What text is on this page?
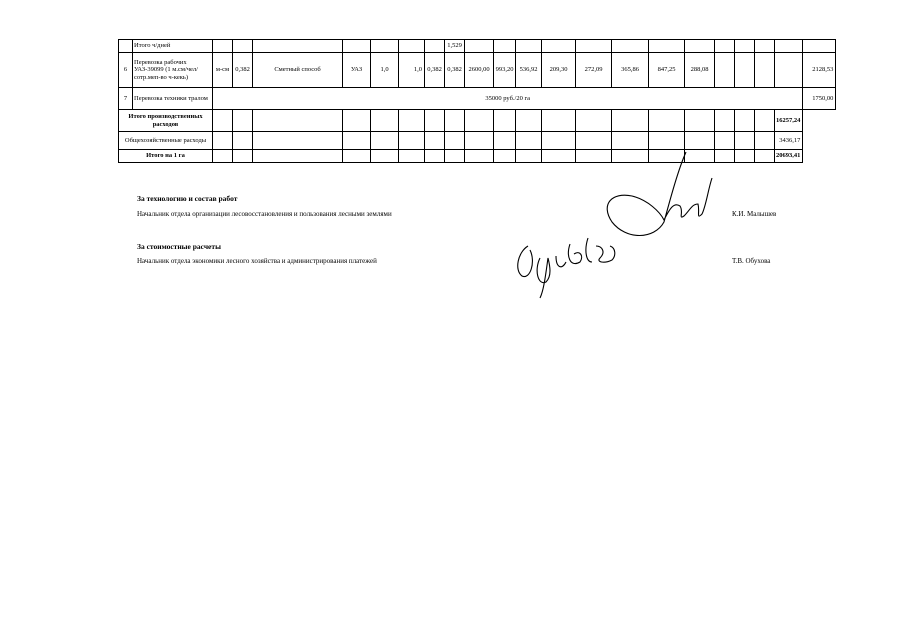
	Итого ч/дней								1,529													
6	Перевозка рабочих УАЗ-39099 (1 м.см/чел/сотр.меп-во ч-кекь)	м-см	0,382	Сметный способ	УАЗ	1,0	1,0	0,382	0,382	2600,00	993,20	536,92	209,30	272,09	365,86	847,25	288,08					2128,53
7	Перевозка техники тралом	35000 руб./20 га																				1750,00
Итого производственных расходов																					16257,24	
Общехозяйственные расходы																					3436,17	
Итого на 1 га																					20693,41	
За технологию и состав работ
Начальник отдела организации лесовосстановления и пользования лесными землями	К.И. Малышев
За стоимостные расчеты
Начальник отдела экономики лесного хозяйства и администрирования платежей	Т.В. Обухова
